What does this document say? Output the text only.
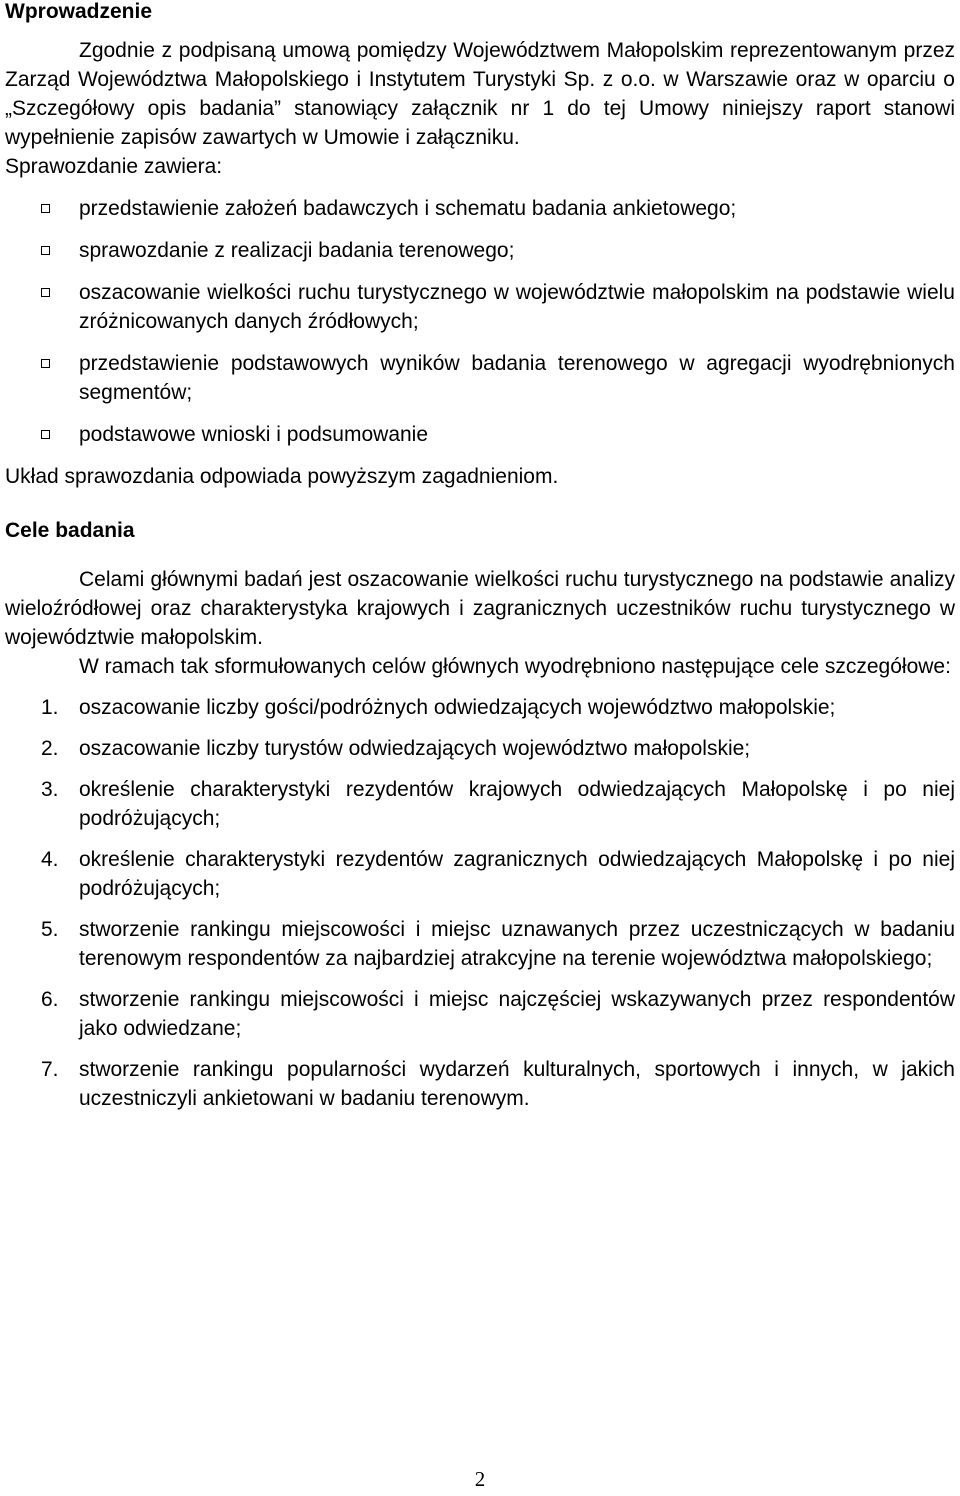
Wprowadzenie

Zgodnie z podpisaną umową pomiędzy Województwem Małopolskim reprezentowanym przez Zarząd Województwa Małopolskiego i Instytutem Turystyki Sp. z o.o. w Warszawie oraz w oparciu o „Szczegółowy opis badania” stanowiący załącznik nr 1 do tej Umowy niniejszy raport stanowi wypełnienie zapisów zawartych w Umowie i załączniku.

Sprawozdanie zawiera:

przedstawienie założeń badawczych i schematu badania ankietowego;
sprawozdanie z realizacji badania terenowego;
oszacowanie wielkości ruchu turystycznego w województwie małopolskim na podstawie wielu zróżnicowanych danych źródłowych;
przedstawienie podstawowych wyników badania terenowego w agregacji wyodrębnionych segmentów;
podstawowe wnioski i podsumowanie

Układ sprawozdania odpowiada powyższym zagadnieniom.

Cele badania

Celami głównymi badań jest oszacowanie wielkości ruchu turystycznego na podstawie analizy wieloźródłowej oraz charakterystyka krajowych i zagranicznych uczestników ruchu turystycznego w województwie małopolskim.

W ramach tak sformułowanych celów głównych wyodrębniono następujące cele szczegółowe:

1. oszacowanie liczby gości/podróżnych odwiedzających województwo małopolskie;
2. oszacowanie liczby turystów odwiedzających województwo małopolskie;
3. określenie charakterystyki rezydentów krajowych odwiedzających Małopolskę i po niej podróżujących;
4. określenie charakterystyki rezydentów zagranicznych odwiedzających Małopolskę i po niej podróżujących;
5. stworzenie rankingu miejscowości i miejsc uznawanych przez uczestniczących w badaniu terenowym respondentów za najbardziej atrakcyjne na terenie województwa małopolskiego;
6. stworzenie rankingu miejscowości i miejsc najczęściej wskazywanych przez respondentów jako odwiedzane;
7. stworzenie rankingu popularności wydarzeń kulturalnych, sportowych i innych, w jakich uczestniczyli ankietowani w badaniu terenowym.
2
